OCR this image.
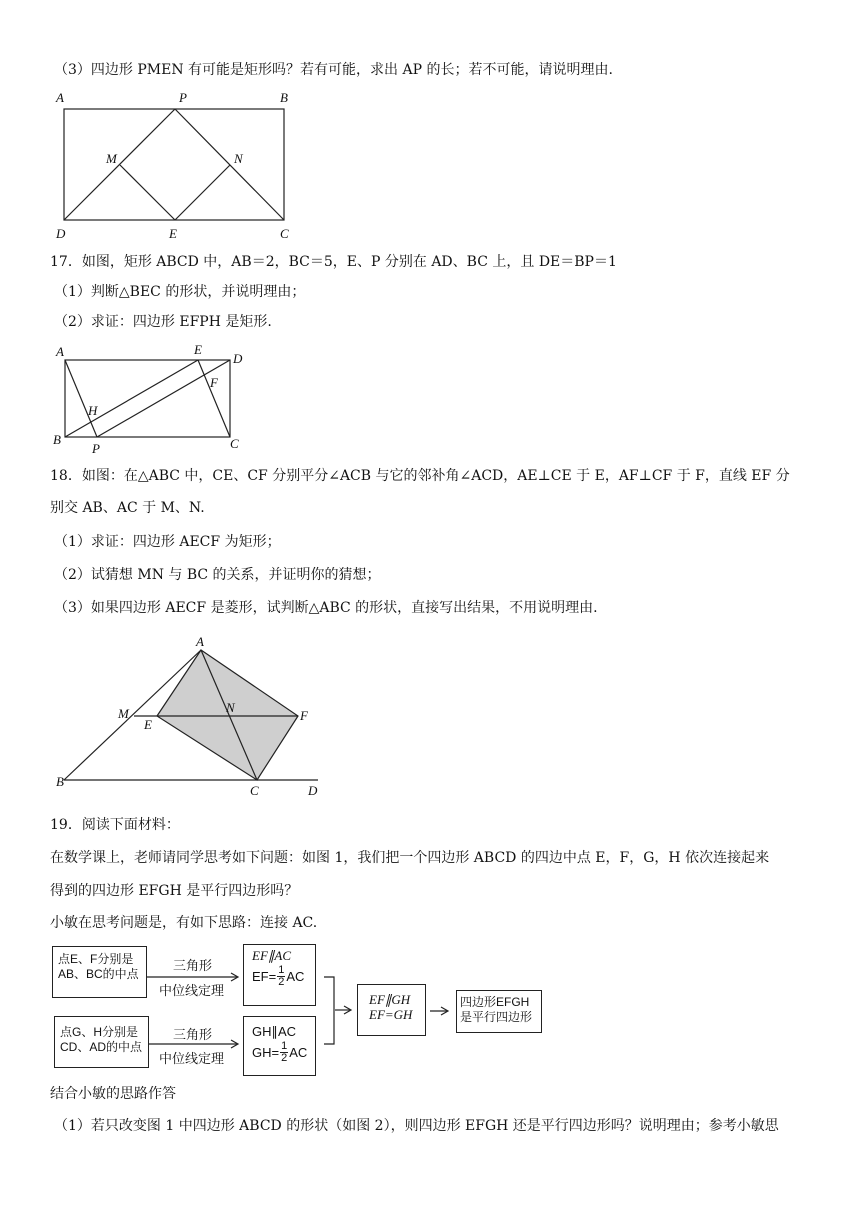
（3）四边形 PMEN 有可能是矩形吗？若有可能，求出 AP 的长；若不可能，请说明理由.
A	P	B
M	N
D	E	C
17．如图，矩形 ABCD 中，AB＝2，BC＝5，E、P 分别在 AD、BC 上，且 DE＝BP＝1
（1）判断△BEC 的形状，并说明理由；
（2）求证：四边形 EFPH 是矩形.
A	E
D
F
H
B
P	C
18．如图：在△ABC 中，CE、CF 分别平分∠ACB 与它的邻补角∠ACD，AE⊥CE 于 E，AF⊥CF 于 F，直线 EF 分
别交 AB、AC 于 M、N.
（1）求证：四边形 AECF 为矩形；
（2）试猜想 MN 与 BC 的关系，并证明你的猜想；
（3）如果四边形 AECF 是菱形，试判断△ABC 的形状，直接写出结果，不用说明理由.
A
M	N
F
E
B
C	D
19．阅读下面材料：
在数学课上，老师请同学思考如下问题：如图 1，我们把一个四边形 ABCD 的四边中点 E，F，G，H 依次连接起来
得到的四边形 EFGH 是平行四边形吗？
小敏在思考问题是，有如下思路：连接 AC.
点E、F分别是
AB、BC的中点
点G、H分别是
CD、AD的中点
三角形
中位线定理
三角形
中位线定理
EF∥AC
$EF= \frac{1}{2}$ AC
GH∥AC
$GH= \frac{1}{2}$ AC
EF∥GH
EF=GH
四边形EFGH
是平行四边形
结合小敏的思路作答
（1）若只改变图 1 中四边形 ABCD 的形状（如图 2），则四边形 EFGH 还是平行四边形吗？说明理由；参考小敏思
